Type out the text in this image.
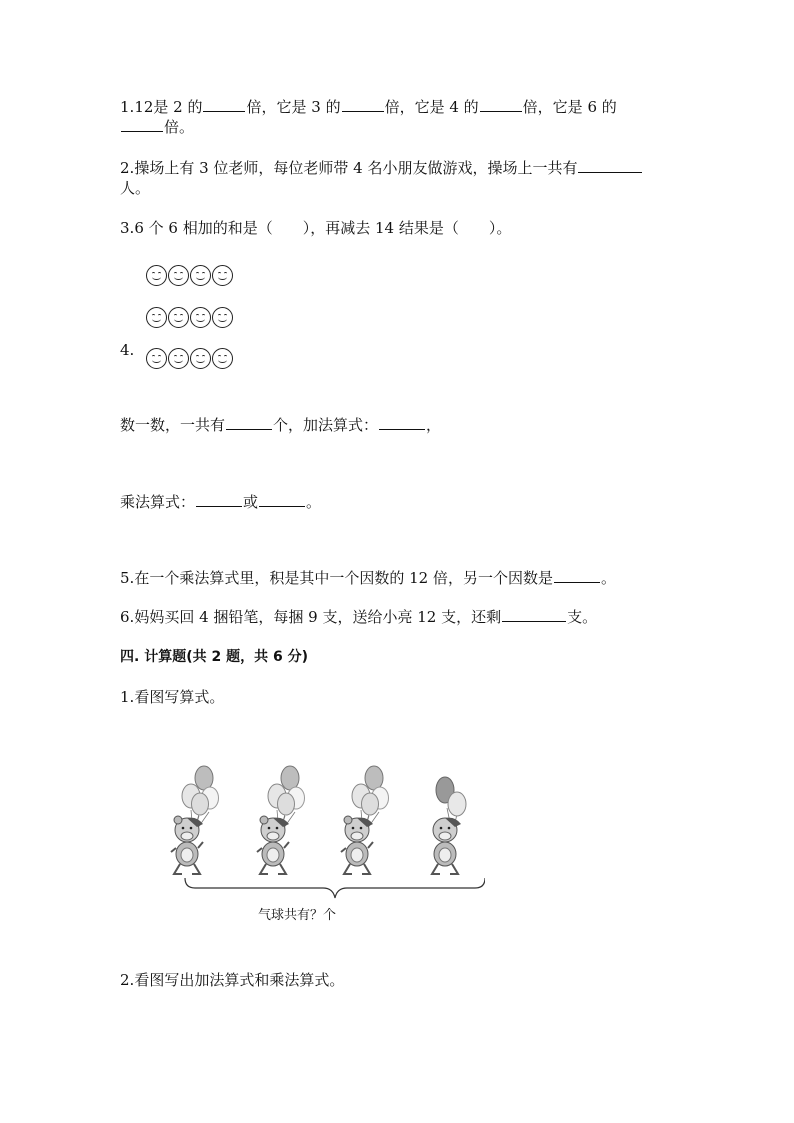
1.12是 2 的	倍，它是 3 的	倍，它是 4 的	倍，它是 6 的
倍。
2.操场上有 3 位老师，每位老师带 4 名小朋友做游戏，操场上一共有
人。
3.6 个 6 相加的和是（　　），再减去 14 结果是（　　）。
4.
数一数，一共有	个，加法算式：	，
乘法算式：	或	。
5.在一个乘法算式里，积是其中一个因数的 12 倍，另一个因数是	。
6.妈妈买回 4 捆铅笔，每捆 9 支，送给小亮 12 支，还剩	支。
四. 计算题(共 2 题，共 6 分)
1.看图写算式。
气球共有？个
2.看图写出加法算式和乘法算式。
